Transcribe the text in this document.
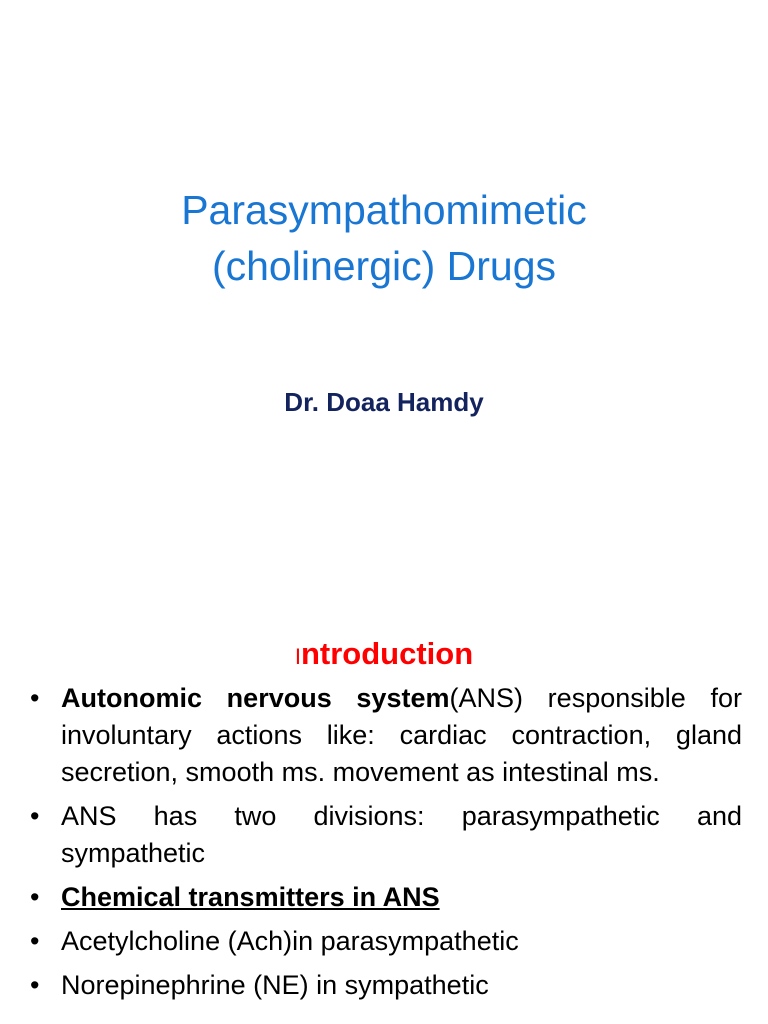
Parasympathomimetic
(cholinergic) Drugs
Dr. Doaa Hamdy
Introduction
• Autonomic nervous system(ANS) responsible for involuntary actions like: cardiac contraction, gland secretion, smooth ms. movement as intestinal ms.
• ANS has two divisions: parasympathetic and sympathetic
• Chemical transmitters in ANS
• Acetylcholine (Ach)in parasympathetic
• Norepinephrine (NE) in sympathetic
